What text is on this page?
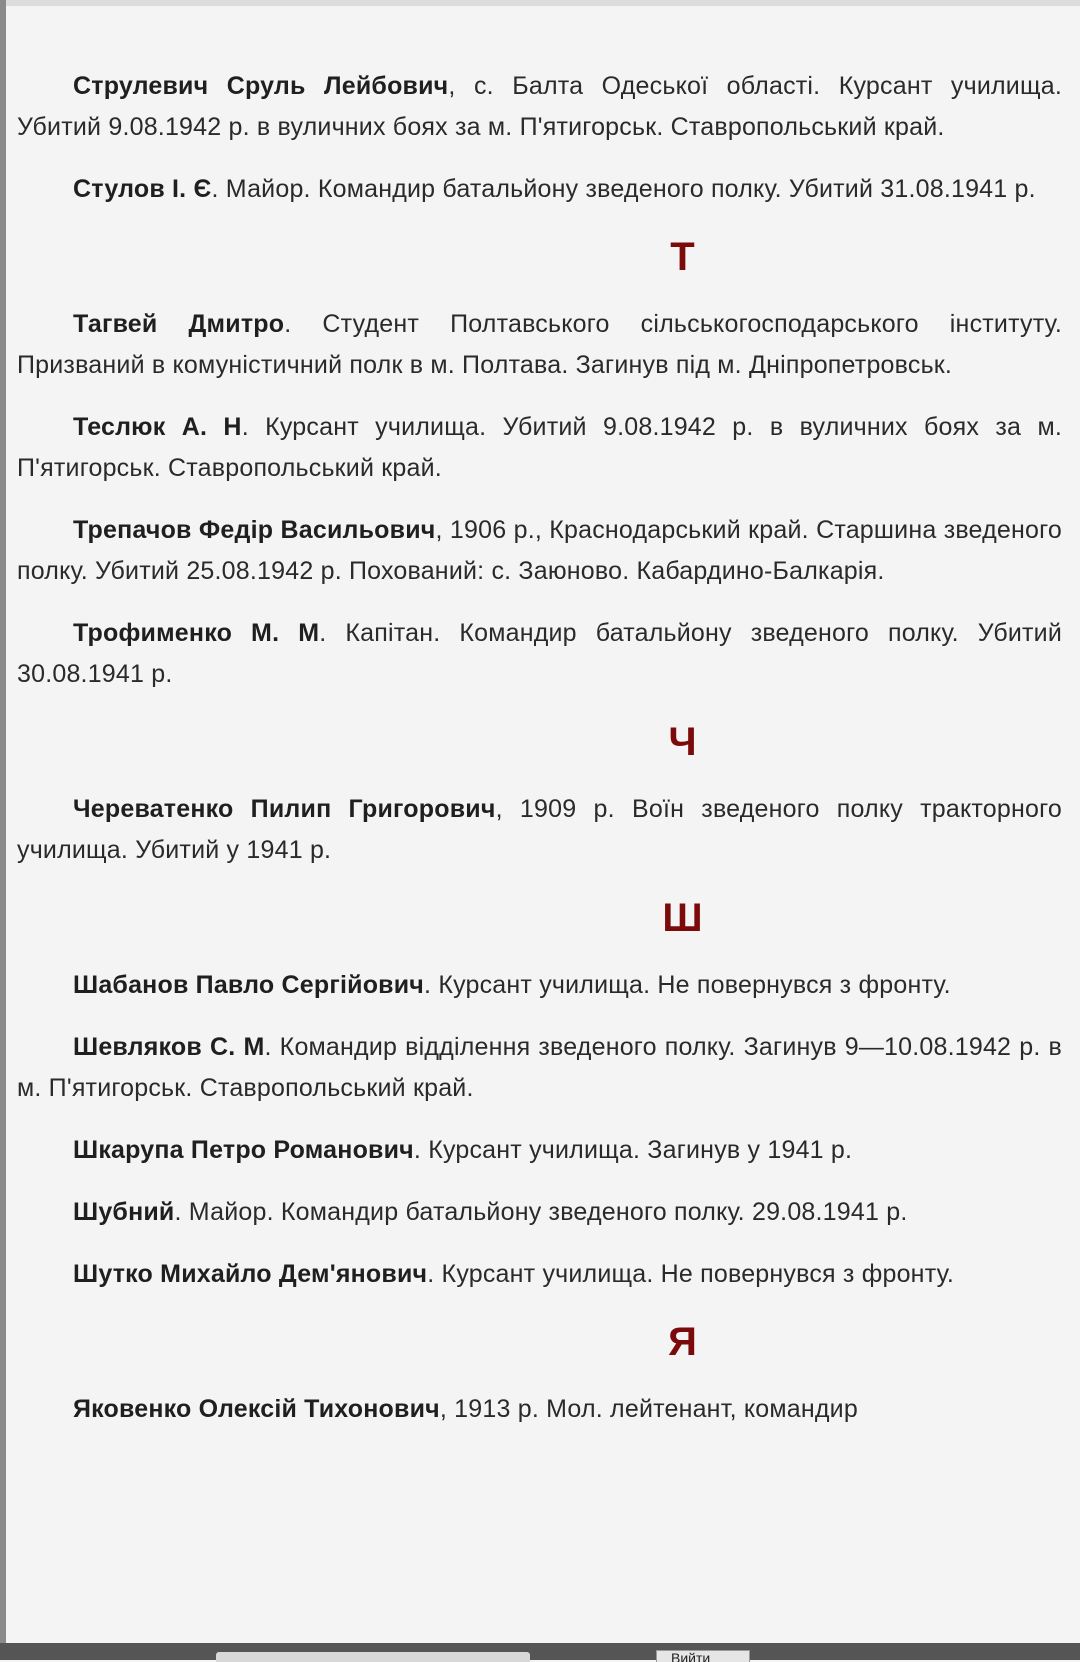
Струлевич Сруль Лейбович, с. Балта Одеської області. Курсант училища. Убитий 9.08.1942 р. в вуличних боях за м. П'ятигорськ. Ставропольський край.

Стулов І. Є. Майор. Командир батальйону зведеного полку. Убитий 31.08.1941 р.

Т

Тагвей Дмитро. Студент Полтавського сільськогосподарського інституту. Призваний в комуністичний полк в м. Полтава. Загинув під м. Дніпропетровськ.

Теслюк А. Н. Курсант училища. Убитий 9.08.1942 р. в вуличних боях за м. П'ятигорськ. Ставропольський край.

Трепачов Федір Васильович, 1906 р., Краснодарський край. Старшина зведеного полку. Убитий 25.08.1942 р. Похований: с. Заюново. Кабардино-Балкарія.

Трофименко М. М. Капітан. Командир батальйону зведеного полку. Убитий 30.08.1941 р.

Ч

Череватенко Пилип Григорович, 1909 р. Воїн зведеного полку тракторного училища. Убитий у 1941 р.

Ш

Шабанов Павло Сергійович. Курсант училища. Не повернувся з фронту.

Шевляков С. М. Командир відділення зведеного полку. Загинув 9—10.08.1942 р. в м. П'ятигорськ. Ставропольський край.

Шкарупа Петро Романович. Курсант училища. Загинув у 1941 р.

Шубний. Майор. Командир батальйону зведеного полку. 29.08.1941 р.

Шутко Михайло Дем'янович. Курсант училища. Не повернувся з фронту.

Я

Яковенко Олексій Тихонович, 1913 р. Мол. лейтенант, командир

Вийти
